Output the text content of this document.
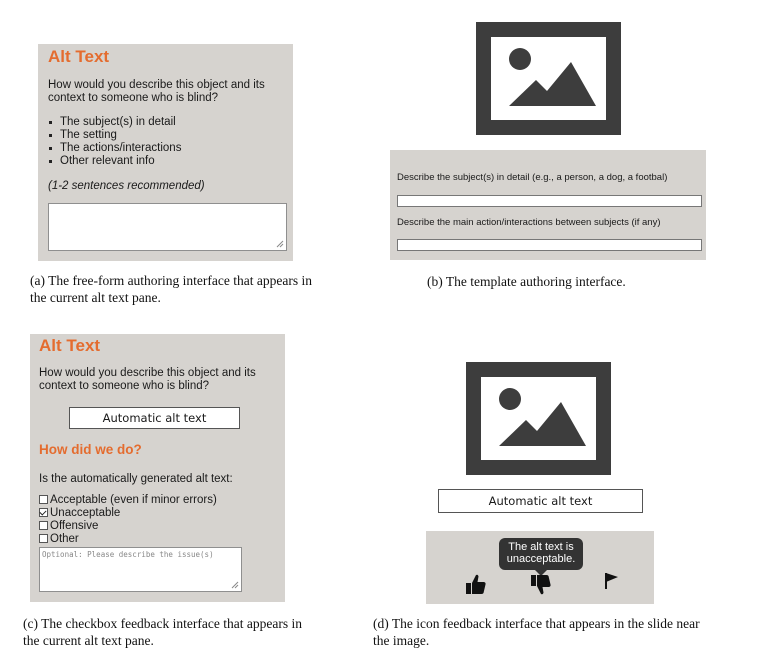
Alt Text
How would you describe this object and its context to someone who is blind?
The subject(s) in detail
The setting
The actions/interactions
Other relevant info
(1-2 sentences recommended)
(a) The free-form authoring interface that appears in the current alt text pane.
Describe the subject(s) in detail (e.g., a person, a dog, a footbal)
Describe the main action/interactions between subjects (if any)
(b) The template authoring interface.
Alt Text
How would you describe this object and its context to someone who is blind?
Automatic alt text
How did we do?
Is the automatically generated alt text:
Acceptable (even if minor errors)
Unacceptable
Offensive
Other
Optional: Please describe the issue(s)
(c) The checkbox feedback interface that appears in the current alt text pane.
Automatic alt text
The alt text is unacceptable.
(d) The icon feedback interface that appears in the slide near the image.
